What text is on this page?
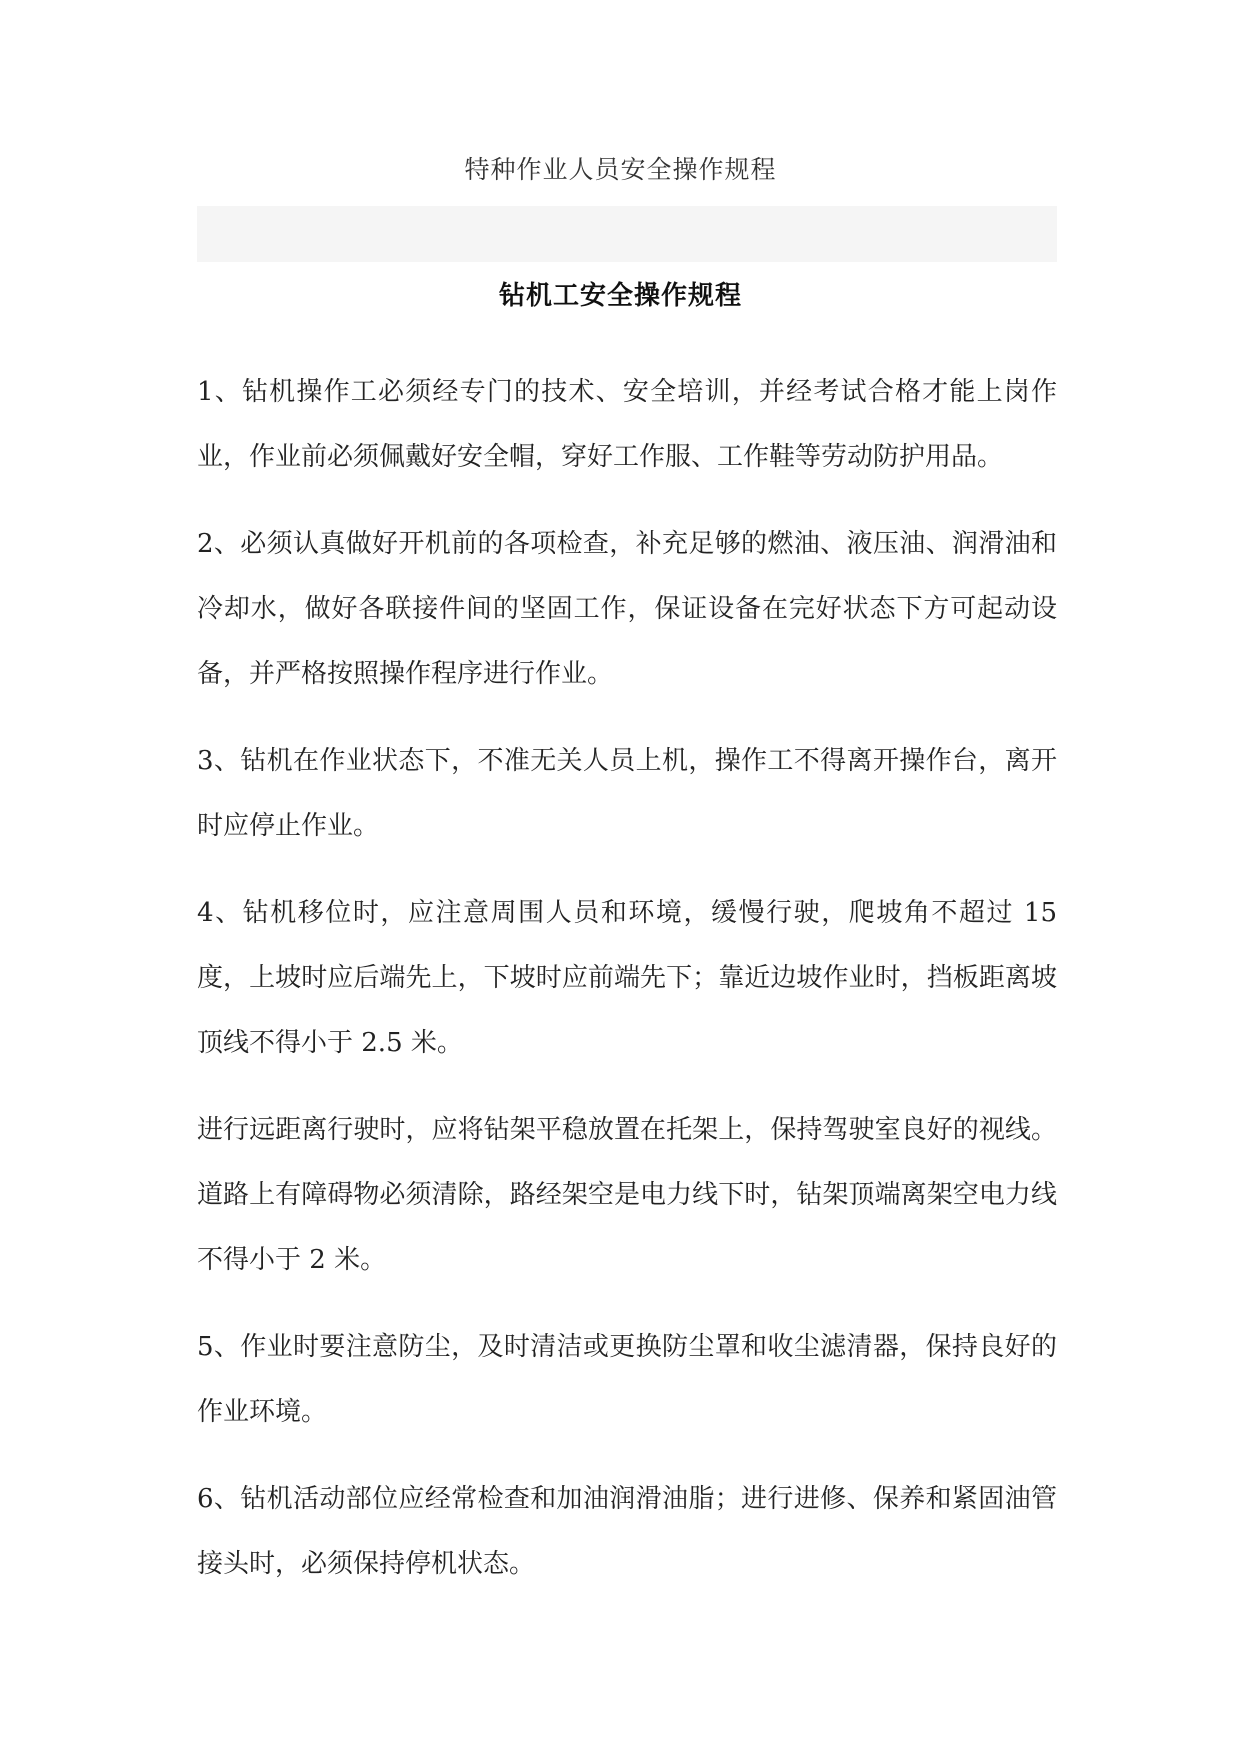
特种作业人员安全操作规程
钻机工安全操作规程

1、钻机操作工必须经专门的技术、安全培训，并经考试合格才能上岗作业，作业前必须佩戴好安全帽，穿好工作服、工作鞋等劳动防护用品。

2、必须认真做好开机前的各项检查，补充足够的燃油、液压油、润滑油和冷却水，做好各联接件间的坚固工作，保证设备在完好状态下方可起动设备，并严格按照操作程序进行作业。

3、钻机在作业状态下，不准无关人员上机，操作工不得离开操作台，离开时应停止作业。

4、钻机移位时，应注意周围人员和环境，缓慢行驶，爬坡角不超过 15 度，上坡时应后端先上，下坡时应前端先下；靠近边坡作业时，挡板距离坡顶线不得小于 2.5 米。

进行远距离行驶时，应将钻架平稳放置在托架上，保持驾驶室良好的视线。道路上有障碍物必须清除，路经架空是电力线下时，钻架顶端离架空电力线不得小于 2 米。

5、作业时要注意防尘，及时清洁或更换防尘罩和收尘滤清器，保持良好的作业环境。

6、钻机活动部位应经常检查和加油润滑油脂；进行进修、保养和紧固油管接头时，必须保持停机状态。
